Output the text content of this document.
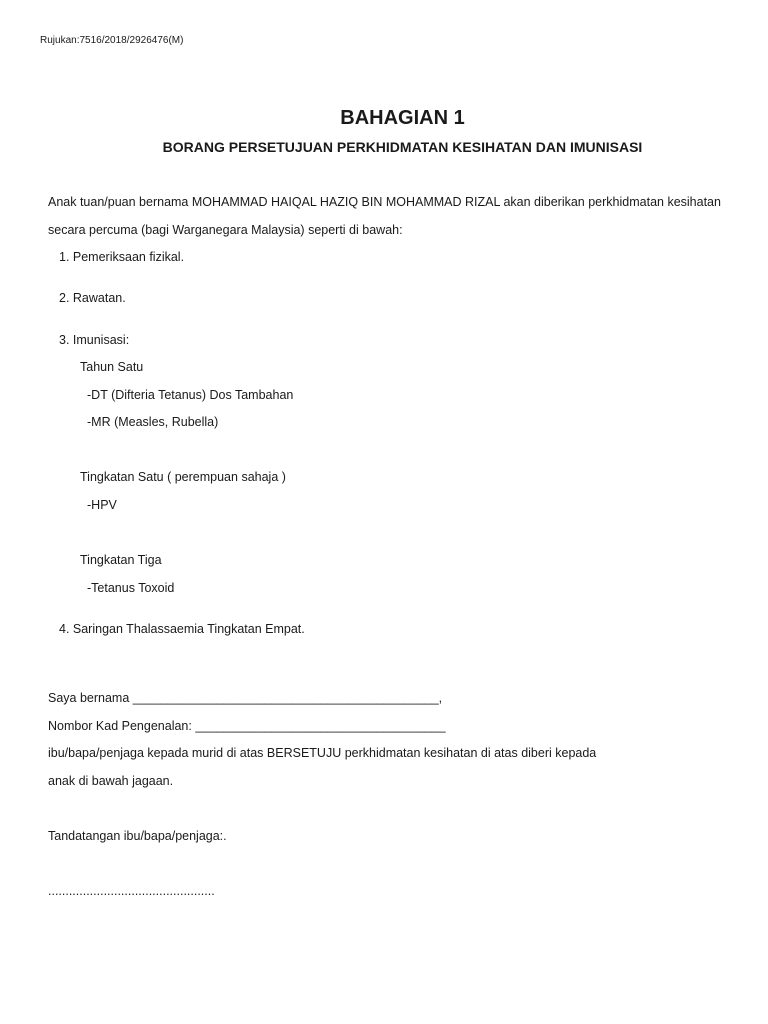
Rujukan:7516/2018/2926476(M)

BAHAGIAN 1
BORANG PERSETUJUAN PERKHIDMATAN KESIHATAN DAN IMUNISASI

Anak tuan/puan bernama MOHAMMAD HAIQAL HAZIQ BIN MOHAMMAD RIZAL akan diberikan perkhidmatan kesihatan

secara percuma (bagi Warganegara Malaysia) seperti di bawah:

1. Pemeriksaan fizikal.

2. Rawatan.

3. Imunisasi:

Tahun Satu

-DT (Difteria Tetanus) Dos Tambahan

-MR (Measles, Rubella)

Tingkatan Satu ( perempuan sahaja )

-HPV

Tingkatan Tiga

-Tetanus Toxoid

4. Saringan Thalassaemia Tingkatan Empat.

Saya bernama ____________________________________________,

Nombor Kad Pengenalan: ____________________________________

ibu/bapa/penjaga kepada murid di atas BERSETUJU perkhidmatan kesihatan di atas diberi kepada

anak di bawah jagaan.

Tandatangan ibu/bapa/penjaga:.

................................................
